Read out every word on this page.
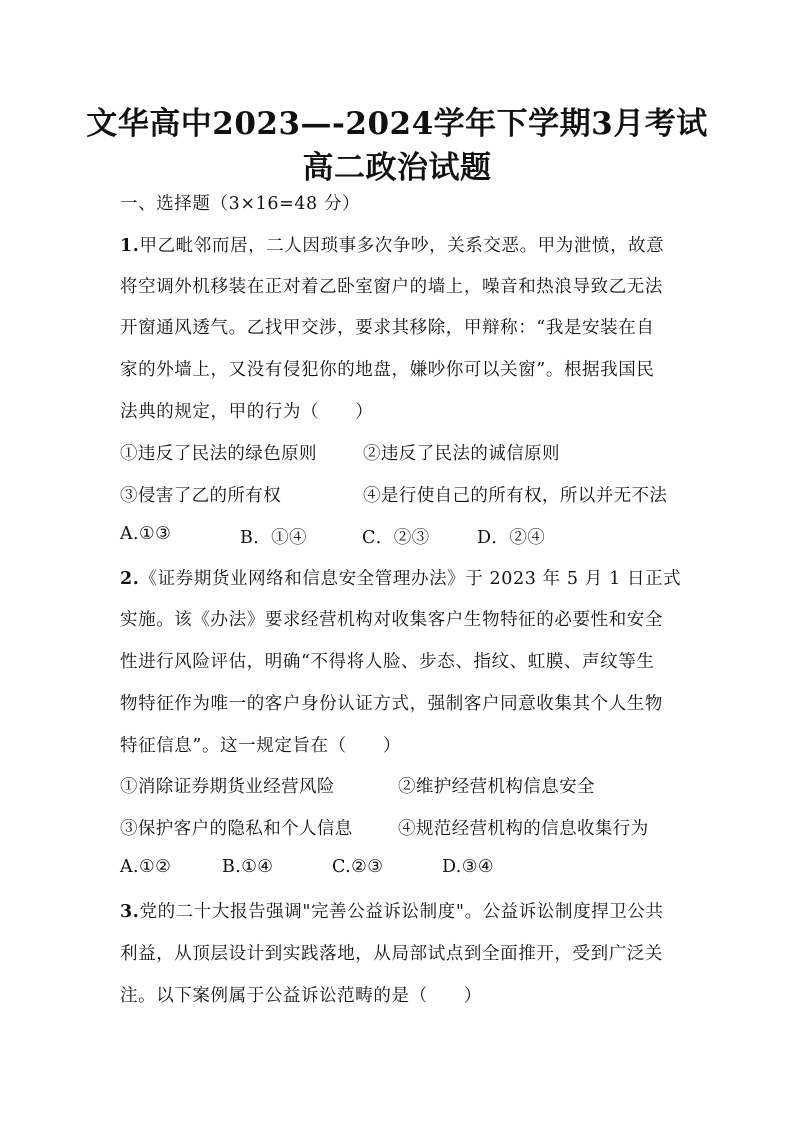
文华高中2023—-2024学年下学期3月考试
高二政治试题
一、选择题（3×16=48 分）
1.甲乙毗邻而居，二人因琐事多次争吵，关系交恶。甲为泄愤，故意
将空调外机移装在正对着乙卧室窗户的墙上，噪音和热浪导致乙无法
开窗通风透气。乙找甲交涉，要求其移除，甲辩称：“我是安装在自
家的外墙上，又没有侵犯你的地盘，嫌吵你可以关窗”。根据我国民
法典的规定，甲的行为（　　）
①违反了民法的绿色原则	②违反了民法的诚信原则
③侵害了乙的所有权	④是行使自己的所有权，所以并无不法
A.①③	B．①④	C．②③	D．②④
2.《证券期货业网络和信息安全管理办法》于 2023 年 5 月 1 日正式
实施。该《办法》要求经营机构对收集客户生物特征的必要性和安全
性进行风险评估，明确“不得将人脸、步态、指纹、虹膜、声纹等生
物特征作为唯一的客户身份认证方式，强制客户同意收集其个人生物
特征信息”。这一规定旨在（　　）
①消除证券期货业经营风险	②维护经营机构信息安全
③保护客户的隐私和个人信息	④规范经营机构的信息收集行为
A.①②	B.①④	C.②③	D.③④
3.党的二十大报告强调"完善公益诉讼制度"。公益诉讼制度捍卫公共
利益，从顶层设计到实践落地，从局部试点到全面推开，受到广泛关
注。以下案例属于公益诉讼范畴的是（　　）
